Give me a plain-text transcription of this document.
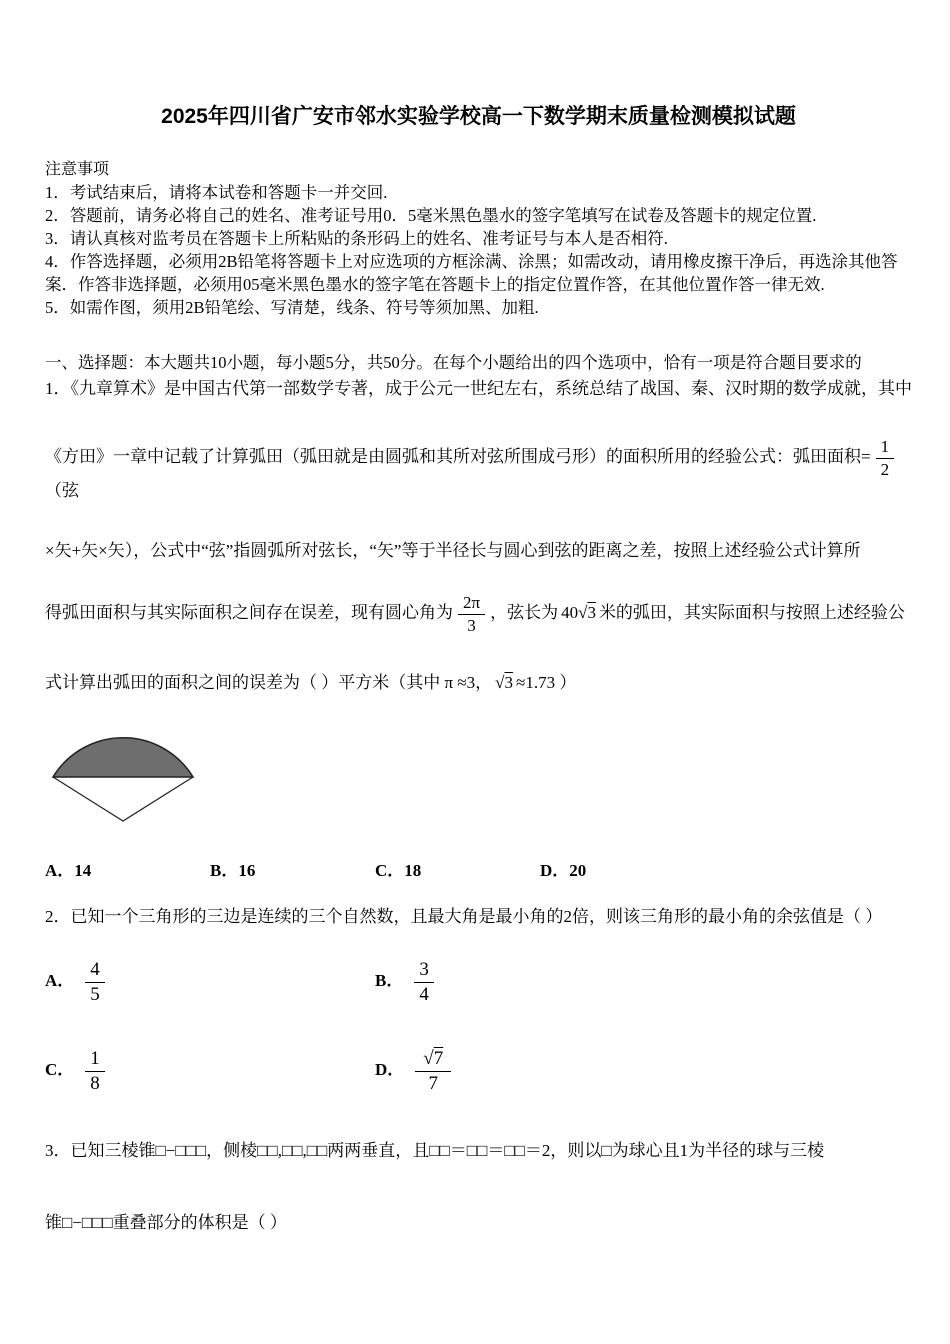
2025年四川省广安市邻水实验学校高一下数学期末质量检测模拟试题
注意事项

1．考试结束后，请将本试卷和答题卡一并交回.

2．答题前，请务必将自己的姓名、准考证号用0．5毫米黑色墨水的签字笔填写在试卷及答题卡的规定位置.

3．请认真核对监考员在答题卡上所粘贴的条形码上的姓名、准考证号与本人是否相符.

4．作答选择题，必须用2B铅笔将答题卡上对应选项的方框涂满、涂黑；如需改动，请用橡皮擦干净后，再选涂其他答案．作答非选择题，必须用05毫米黑色墨水的签字笔在答题卡上的指定位置作答，在其他位置作答一律无效.

5．如需作图，须用2B铅笔绘、写清楚，线条、符号等须加黑、加粗.

一、选择题：本大题共10小题，每小题5分，共50分。在每个小题给出的四个选项中，恰有一项是符合题目要求的

1．《九章算术》是中国古代第一部数学专著，成于公元一世纪左右，系统总结了战国、秦、汉时期的数学成就，其中

《方田》一章中记载了计算弧田（弧田就是由圆弧和其所对弦所围成弓形）的面积所用的经验公式：弧田面积= $\frac{1}{2}$
（弦

×矢+矢×矢），公式中“弦”指圆弧所对弦长，“矢”等于半径长与圆心到弦的距离之差，按照上述经验公式计算所

得弧田面积与其实际面积之间存在误差，现有圆心角为 $\frac{2\pi}{3}$ ，弦长为 40√3 米的弧田，其实际面积与按照上述经验公

式计算出弧田的面积之间的误差为（ ）平方米（其中 π ≈3， √3 ≈1.73 ）

A．14	B．16	C．18	D．20

2．已知一个三角形的三边是连续的三个自然数，且最大角是最小角的2倍，则该三角形的最小角的余弦值是（ ）

A． $\frac{4}{5}$	B． $\frac{3}{4}$
C． $\frac{1}{8}$	D． $\frac{√7}{7}$

3．已知三棱锥□−□□□，侧棱□□,□□,□□两两垂直，且□□＝□□＝□□＝2，则以□为球心且1为半径的球与三棱

锥□−□□□重叠部分的体积是（ ）
